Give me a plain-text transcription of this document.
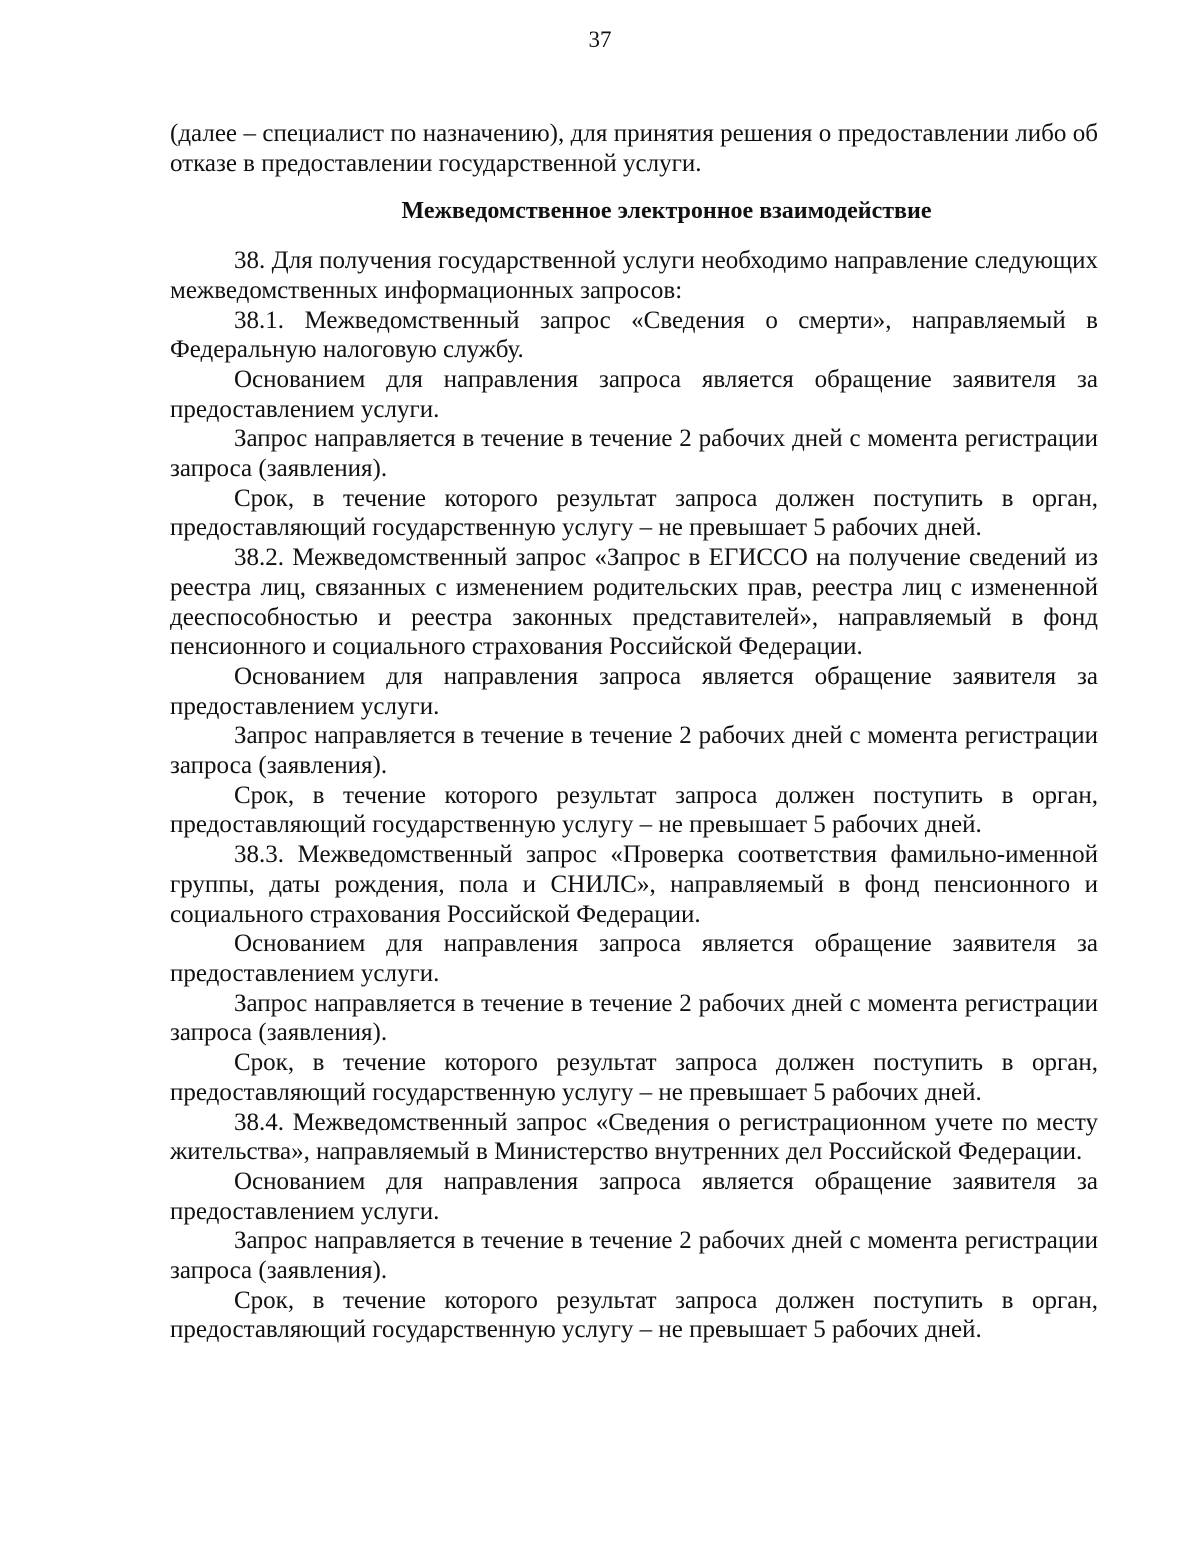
37

(далее – специалист по назначению), для принятия решения о предоставлении либо об отказе в предоставлении государственной услуги.

Межведомственное электронное взаимодействие

38. Для получения государственной услуги необходимо направление следующих межведомственных информационных запросов:

38.1. Межведомственный запрос «Сведения о смерти», направляемый в Федеральную налоговую службу.

Основанием для направления запроса является обращение заявителя за предоставлением услуги.

Запрос направляется в течение в течение 2 рабочих дней с момента регистрации запроса (заявления).

Срок, в течение которого результат запроса должен поступить в орган, предоставляющий государственную услугу – не превышает 5 рабочих дней.

38.2. Межведомственный запрос «Запрос в ЕГИССО на получение сведений из реестра лиц, связанных с изменением родительских прав, реестра лиц с измененной дееспособностью и реестра законных представителей», направляемый в фонд пенсионного и социального страхования Российской Федерации.

Основанием для направления запроса является обращение заявителя за предоставлением услуги.

Запрос направляется в течение в течение 2 рабочих дней с момента регистрации запроса (заявления).

Срок, в течение которого результат запроса должен поступить в орган, предоставляющий государственную услугу – не превышает 5 рабочих дней.

38.3. Межведомственный запрос «Проверка соответствия фамильно-именной группы, даты рождения, пола и СНИЛС», направляемый в фонд пенсионного и социального страхования Российской Федерации.

Основанием для направления запроса является обращение заявителя за предоставлением услуги.

Запрос направляется в течение в течение 2 рабочих дней с момента регистрации запроса (заявления).

Срок, в течение которого результат запроса должен поступить в орган, предоставляющий государственную услугу – не превышает 5 рабочих дней.

38.4. Межведомственный запрос «Сведения о регистрационном учете по месту жительства», направляемый в Министерство внутренних дел Российской Федерации.

Основанием для направления запроса является обращение заявителя за предоставлением услуги.

Запрос направляется в течение в течение 2 рабочих дней с момента регистрации запроса (заявления).

Срок, в течение которого результат запроса должен поступить в орган, предоставляющий государственную услугу – не превышает 5 рабочих дней.
